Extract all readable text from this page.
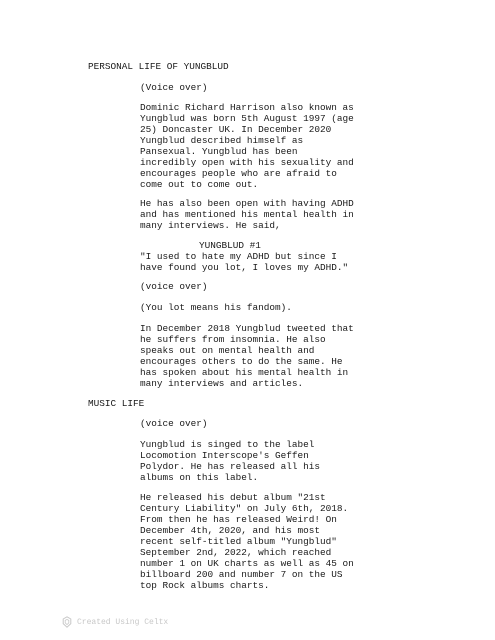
PERSONAL LIFE OF YUNGBLUD

(Voice over)

Dominic Richard Harrison also known as

Yungblud was born 5th August 1997 (age

25) Doncaster UK. In December 2020

Yungblud described himself as

Pansexual. Yungblud has been

incredibly open with his sexuality and

encourages people who are afraid to

come out to come out.

He has also been open with having ADHD

and has mentioned his mental health in

many interviews. He said,

YUNGBLUD #1

"I used to hate my ADHD but since I

have found you lot, I loves my ADHD."

(voice over)

(You lot means his fandom).

In December 2018 Yungblud tweeted that

he suffers from insomnia. He also

speaks out on mental health and

encourages others to do the same. He

has spoken about his mental health in

many interviews and articles.

MUSIC LIFE

(voice over)

Yungblud is singed to the label

Locomotion Interscope's Geffen

Polydor. He has released all his

albums on this label.

He released his debut album "21st

Century Liability" on July 6th, 2018.

From then he has released Weird! On

December 4th, 2020, and his most

recent self-titled album "Yungblud"

September 2nd, 2022, which reached

number 1 on UK charts as well as 45 on

billboard 200 and number 7 on the US

top Rock albums charts.

Created Using Celtx
